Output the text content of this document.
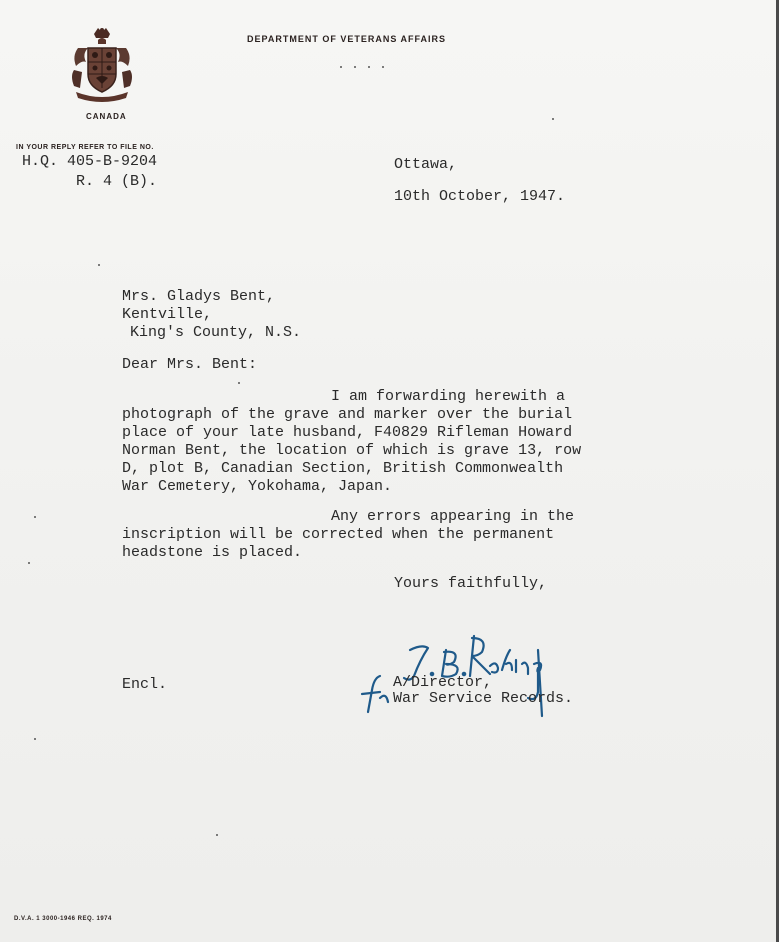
CANADA
DEPARTMENT OF VETERANS AFFAIRS
IN YOUR REPLY REFER TO FILE NO.
H.Q. 405-B-9204
R. 4 (B).
Ottawa,
10th October, 1947.
Mrs. Gladys Bent,
Kentville,
King's County, N.S.
Dear Mrs. Bent:
I am forwarding herewith a
photograph of the grave and marker over the burial
place of your late husband, F40829 Rifleman Howard
Norman Bent, the location of which is grave 13, row
D, plot B, Canadian Section, British Commonwealth
War Cemetery, Yokohama, Japan.
Any errors appearing in the
inscription will be corrected when the permanent
headstone is placed.
Yours faithfully,
Encl.	A/Director,
War Service Records.
D.V.A. 1 3000-1946 REQ. 1974
